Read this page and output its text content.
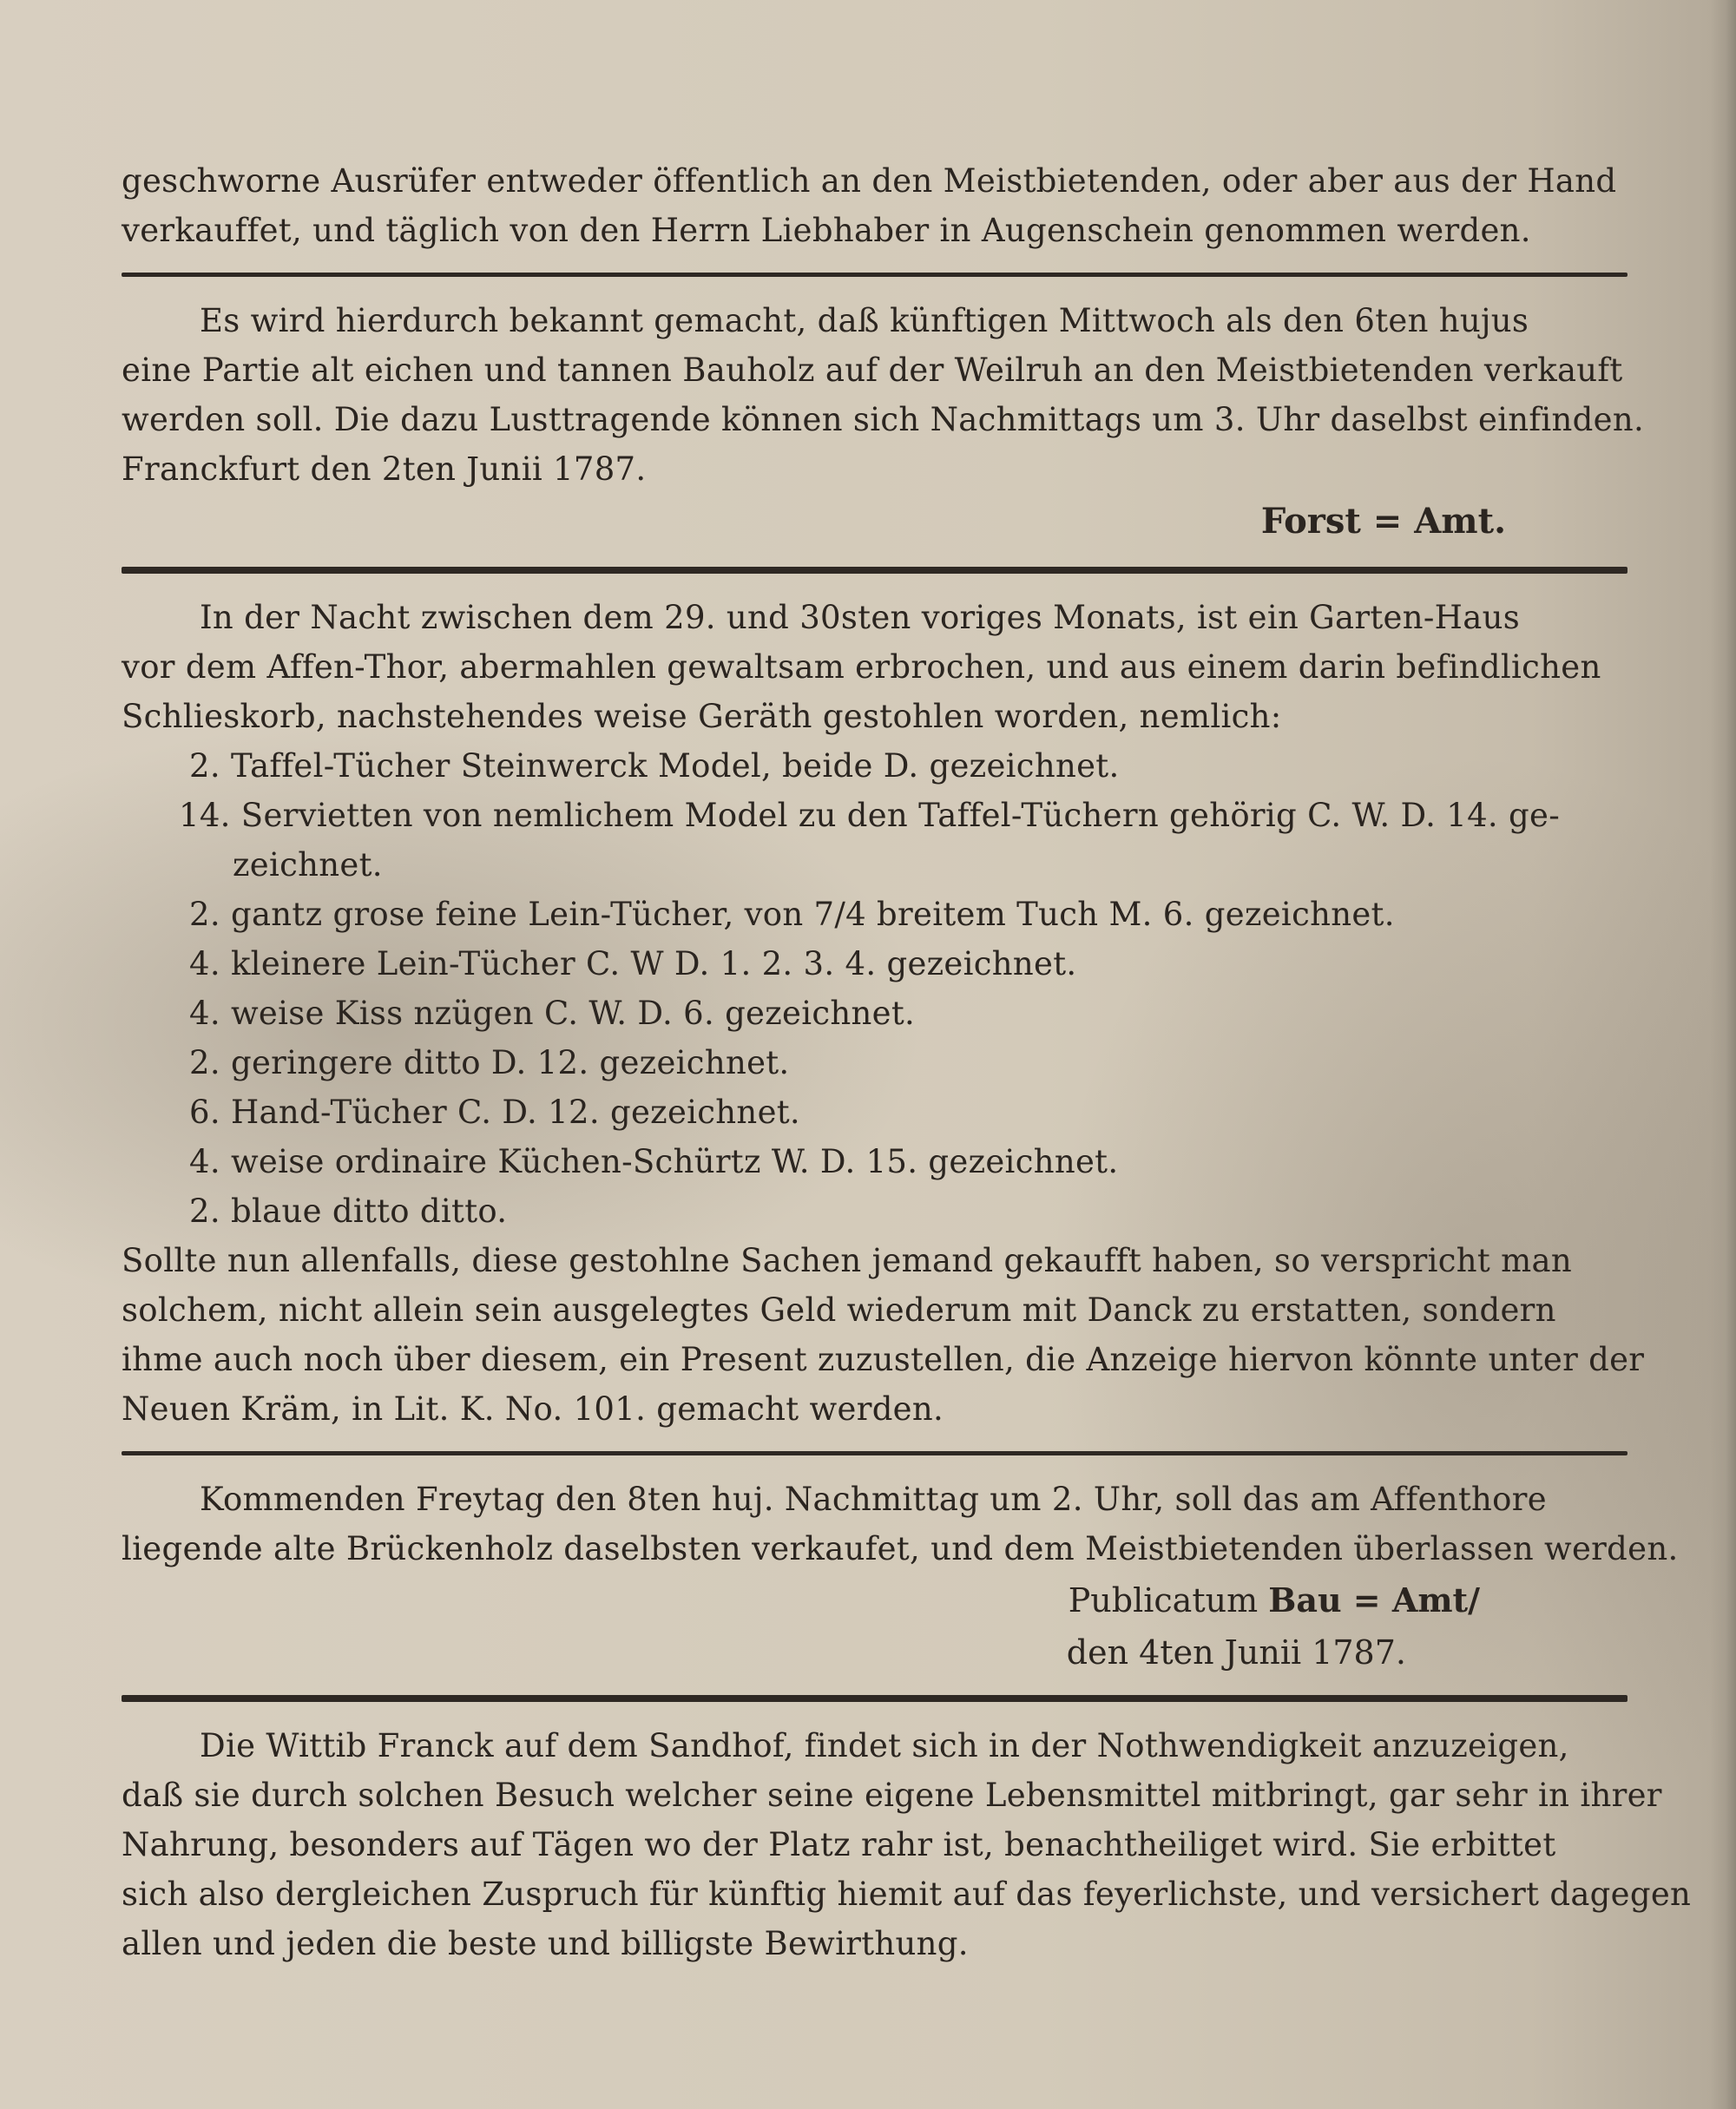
geschworne Ausrüfer entweder öffentlich an den Meistbietenden, oder aber aus der Hand
verkauffet, und täglich von den Herrn Liebhaber in Augenschein genommen werden.
Es wird hierdurch bekannt gemacht, daß künftigen Mittwoch als den 6ten hujus
eine Partie alt eichen und tannen Bauholz auf der Weilruh an den Meistbietenden verkauft
werden soll. Die dazu Lusttragende können sich Nachmittags um 3. Uhr daselbst einfinden.
Franckfurt den 2ten Junii 1787.
Forst = Amt.
In der Nacht zwischen dem 29. und 30sten voriges Monats, ist ein Garten-Haus
vor dem Affen-Thor, abermahlen gewaltsam erbrochen, und aus einem darin befindlichen
Schlieskorb, nachstehendes weise Geräth gestohlen worden, nemlich:
2. Taffel-Tücher Steinwerck Model, beide D. gezeichnet.
14. Servietten von nemlichem Model zu den Taffel-Tüchern gehörig C. W. D. 14. ge-
zeichnet.
2. gantz grose feine Lein-Tücher, von 7/4 breitem Tuch M. 6. gezeichnet.
4. kleinere Lein-Tücher C. W D. 1. 2. 3. 4. gezeichnet.
4. weise Kiss nzügen C. W. D. 6. gezeichnet.
2. geringere ditto D. 12. gezeichnet.
6. Hand-Tücher C. D. 12. gezeichnet.
4. weise ordinaire Küchen-Schürtz W. D. 15. gezeichnet.
2. blaue ditto ditto.
Sollte nun allenfalls, diese gestohlne Sachen jemand gekaufft haben, so verspricht man
solchem, nicht allein sein ausgelegtes Geld wiederum mit Danck zu erstatten, sondern
ihme auch noch über diesem, ein Present zuzustellen, die Anzeige hiervon könnte unter der
Neuen Kräm, in Lit. K. No. 101. gemacht werden.
Kommenden Freytag den 8ten huj. Nachmittag um 2. Uhr, soll das am Affenthore
liegende alte Brückenholz daselbsten verkaufet, und dem Meistbietenden überlassen werden.
Publicatum Bau = Amt/
den 4ten Junii 1787.
Die Wittib Franck auf dem Sandhof, findet sich in der Nothwendigkeit anzuzeigen,
daß sie durch solchen Besuch welcher seine eigene Lebensmittel mitbringt, gar sehr in ihrer
Nahrung, besonders auf Tägen wo der Platz rahr ist, benachtheiliget wird. Sie erbittet
sich also dergleichen Zuspruch für künftig hiemit auf das feyerlichste, und versichert dagegen
allen und jeden die beste und billigste Bewirthung.
